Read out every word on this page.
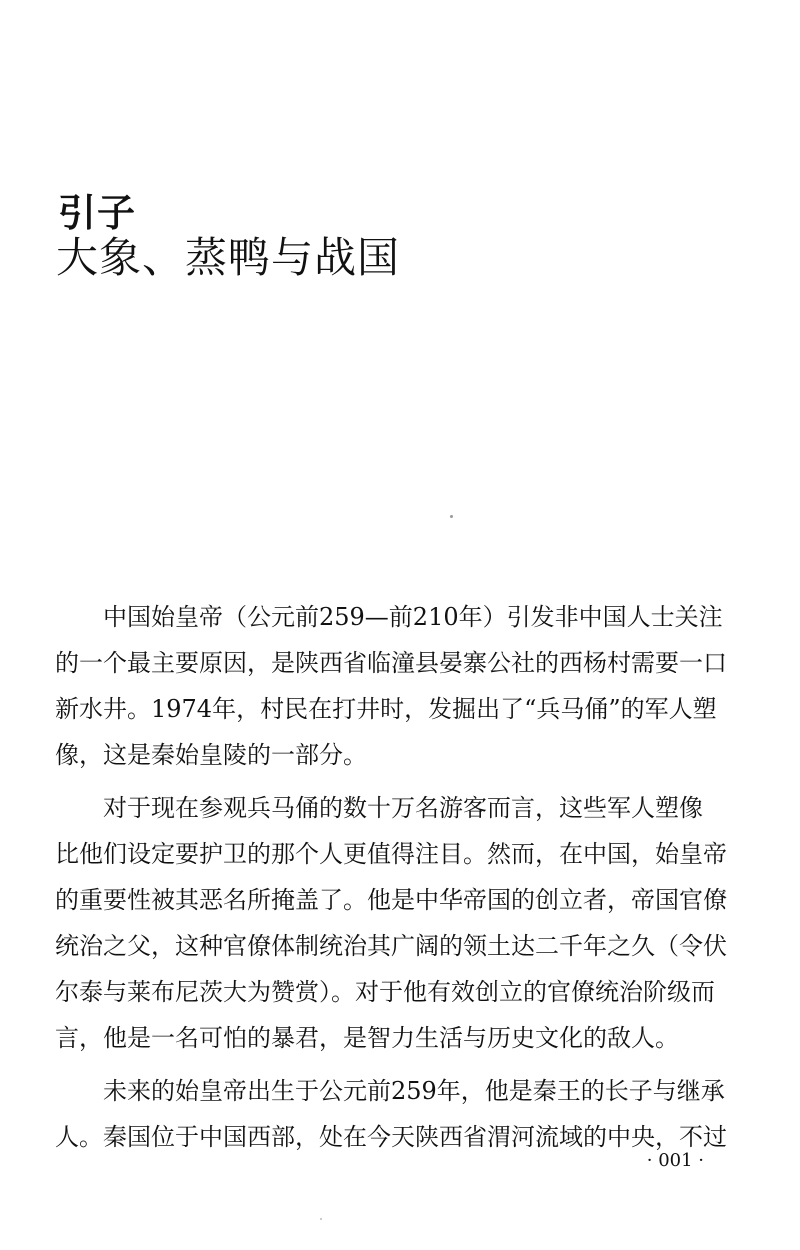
引子
大象、蒸鸭与战国
中国始皇帝（公元前259—前210年）引发非中国人士关注
的一个最主要原因，是陕西省临潼县晏寨公社的西杨村需要一口
新水井。1974年，村民在打井时，发掘出了“兵马俑”的军人塑
像，这是秦始皇陵的一部分。
对于现在参观兵马俑的数十万名游客而言，这些军人塑像
比他们设定要护卫的那个人更值得注目。然而，在中国，始皇帝
的重要性被其恶名所掩盖了。他是中华帝国的创立者，帝国官僚
统治之父，这种官僚体制统治其广阔的领土达二千年之久（令伏
尔泰与莱布尼茨大为赞赏）。对于他有效创立的官僚统治阶级而
言，他是一名可怕的暴君，是智力生活与历史文化的敌人。
未来的始皇帝出生于公元前259年，他是秦王的长子与继承
人。秦国位于中国西部，处在今天陕西省渭河流域的中央，不过
· 001 ·
